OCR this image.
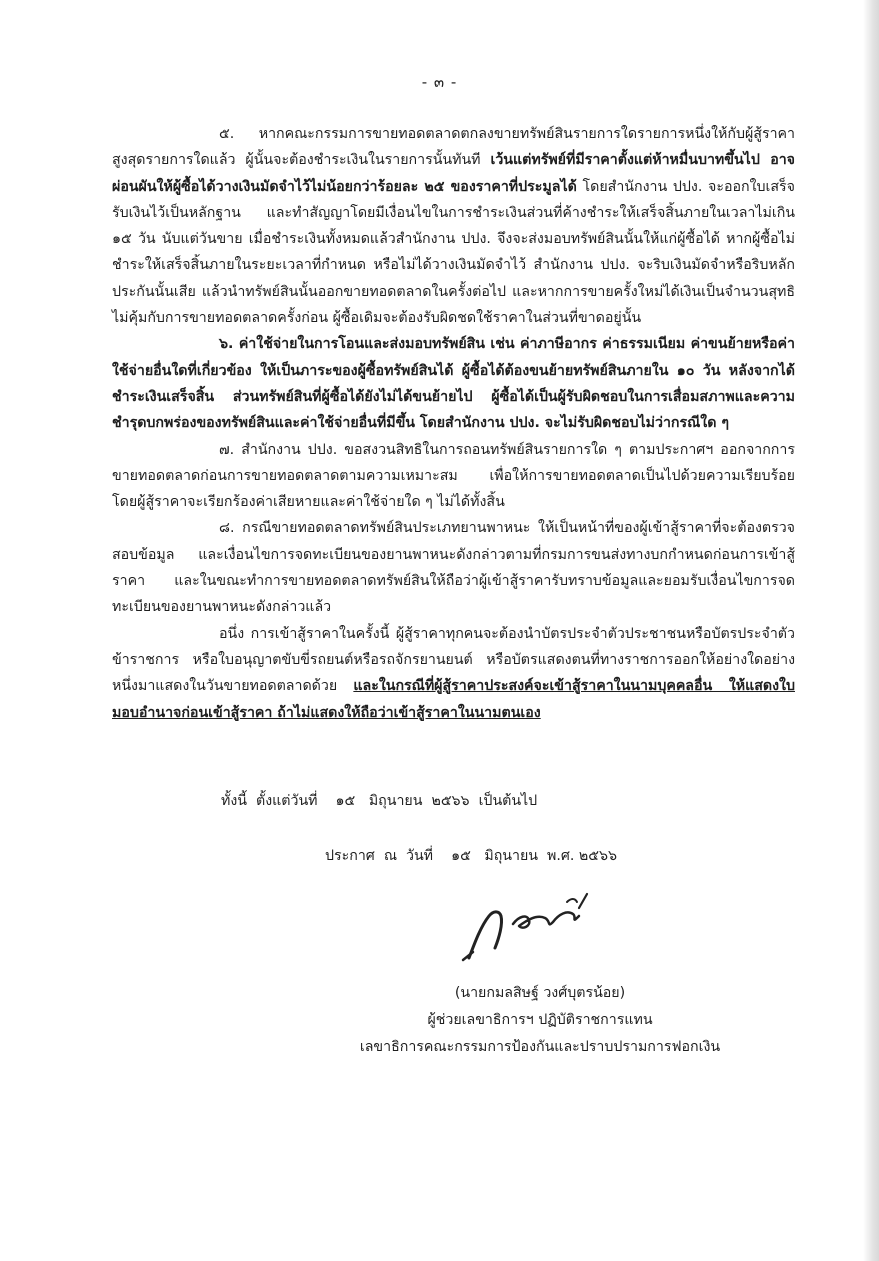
- ๓ -

๕. หากคณะกรรมการขายทอดตลาดตกลงขายทรัพย์สินรายการใดรายการหนึ่งให้กับผู้สู้ราคาสูงสุดรายการใดแล้ว ผู้นั้นจะต้องชำระเงินในรายการนั้นทันที เว้นแต่ทรัพย์ที่มีราคาตั้งแต่ห้าหมื่นบาทขึ้นไป อาจผ่อนผันให้ผู้ซื้อได้วางเงินมัดจำไว้ไม่น้อยกว่าร้อยละ ๒๕ ของราคาที่ประมูลได้ โดยสำนักงาน ปปง. จะออกใบเสร็จรับเงินไว้เป็นหลักฐาน และทำสัญญาโดยมีเงื่อนไขในการชำระเงินส่วนที่ค้างชำระให้เสร็จสิ้นภายในเวลาไม่เกิน ๑๕ วัน นับแต่วันขาย เมื่อชำระเงินทั้งหมดแล้วสำนักงาน ปปง. จึงจะส่งมอบทรัพย์สินนั้นให้แก่ผู้ซื้อได้ หากผู้ซื้อไม่ชำระให้เสร็จสิ้นภายในระยะเวลาที่กำหนด หรือไม่ได้วางเงินมัดจำไว้ สำนักงาน ปปง. จะริบเงินมัดจำหรือริบหลักประกันนั้นเสีย แล้วนำทรัพย์สินนั้นออกขายทอดตลาดในครั้งต่อไป และหากการขายครั้งใหม่ได้เงินเป็นจำนวนสุทธิไม่คุ้มกับการขายทอดตลาดครั้งก่อน ผู้ซื้อเดิมจะต้องรับผิดชดใช้ราคาในส่วนที่ขาดอยู่นั้น

๖. ค่าใช้จ่ายในการโอนและส่งมอบทรัพย์สิน เช่น ค่าภาษีอากร ค่าธรรมเนียม ค่าขนย้ายหรือค่าใช้จ่ายอื่นใดที่เกี่ยวข้อง ให้เป็นภาระของผู้ซื้อทรัพย์สินได้ ผู้ซื้อได้ต้องขนย้ายทรัพย์สินภายใน ๑๐ วัน หลังจากได้ชำระเงินเสร็จสิ้น ส่วนทรัพย์สินที่ผู้ซื้อได้ยังไม่ได้ขนย้ายไป ผู้ซื้อได้เป็นผู้รับผิดชอบในการเสื่อมสภาพและความชำรุดบกพร่องของทรัพย์สินและค่าใช้จ่ายอื่นที่มีขึ้น โดยสำนักงาน ปปง. จะไม่รับผิดชอบไม่ว่ากรณีใด ๆ

๗. สำนักงาน ปปง. ขอสงวนสิทธิในการถอนทรัพย์สินรายการใด ๆ ตามประกาศฯ ออกจากการขายทอดตลาดก่อนการขายทอดตลาดตามความเหมาะสม เพื่อให้การขายทอดตลาดเป็นไปด้วยความเรียบร้อย โดยผู้สู้ราคาจะเรียกร้องค่าเสียหายและค่าใช้จ่ายใด ๆ ไม่ได้ทั้งสิ้น

๘. กรณีขายทอดตลาดทรัพย์สินประเภทยานพาหนะ ให้เป็นหน้าที่ของผู้เข้าสู้ราคาที่จะต้องตรวจสอบข้อมูล และเงื่อนไขการจดทะเบียนของยานพาหนะดังกล่าวตามที่กรมการขนส่งทางบกกำหนดก่อนการเข้าสู้ราคา และในขณะทำการขายทอดตลาดทรัพย์สินให้ถือว่าผู้เข้าสู้ราคารับทราบข้อมูลและยอมรับเงื่อนไขการจดทะเบียนของยานพาหนะดังกล่าวแล้ว

อนึ่ง การเข้าสู้ราคาในครั้งนี้ ผู้สู้ราคาทุกคนจะต้องนำบัตรประจำตัวประชาชนหรือบัตรประจำตัวข้าราชการ หรือใบอนุญาตขับขี่รถยนต์หรือรถจักรยานยนต์ หรือบัตรแสดงตนที่ทางราชการออกให้อย่างใดอย่างหนึ่งมาแสดงในวันขายทอดตลาดด้วย และในกรณีที่ผู้สู้ราคาประสงค์จะเข้าสู้ราคาในนามบุคคลอื่น ให้แสดงใบมอบอำนาจก่อนเข้าสู้ราคา ถ้าไม่แสดงให้ถือว่าเข้าสู้ราคาในนามตนเอง

ทั้งนี้  ตั้งแต่วันที่    ๑๕   มิถุนายน  ๒๕๖๖  เป็นต้นไป
ประกาศ  ณ  วันที่    ๑๕   มิถุนายน  พ.ศ. ๒๕๖๖
(นายกมลสิษฐ์ วงศ์บุตรน้อย)
ผู้ช่วยเลขาธิการฯ ปฏิบัติราชการแทน
เลขาธิการคณะกรรมการป้องกันและปราบปรามการฟอกเงิน
